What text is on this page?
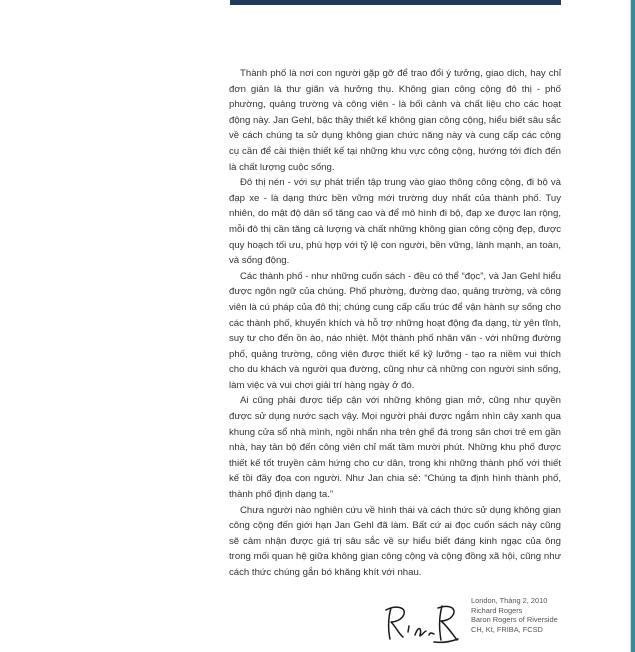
Thành phố là nơi con người gặp gỡ để trao đổi ý tưởng, giao dịch, hay chỉ đơn giản là thư giãn và hưởng thụ. Không gian công cộng đô thị - phố phường, quảng trường và công viên - là bối cảnh và chất liệu cho các hoạt động này. Jan Gehl, bậc thầy thiết kế không gian công cộng, hiểu biết sâu sắc về cách chúng ta sử dụng không gian chức năng này và cung cấp các công cụ cần để cải thiện thiết kế tại những khu vực công cộng, hướng tới đích đến là chất lượng cuộc sống.

Đô thị nén - với sự phát triển tập trung vào giao thông công cộng, đi bộ và đạp xe - là dạng thức bền vững mới trường duy nhất của thành phố. Tuy nhiên, do mật độ dân số tăng cao và để mô hình đi bộ, đạp xe được lan rộng, mỗi đô thị cần tăng cả lượng và chất những không gian công cộng đẹp, được quy hoạch tối ưu, phù hợp với tỷ lệ con người, bền vững, lành mạnh, an toàn, và sống động.

Các thành phố - như những cuốn sách - đều có thể “đọc”, và Jan Gehl hiểu được ngôn ngữ của chúng. Phố phường, đường dạo, quảng trường, và công viên là cú pháp của đô thị; chúng cung cấp cấu trúc để vận hành sự sống cho các thành phố, khuyến khích và hỗ trợ những hoạt động đa dạng, từ yên tĩnh, suy tư cho đến ồn ào, náo nhiệt. Một thành phố nhân văn - với những đường phố, quảng trường, công viên được thiết kế kỹ lưỡng - tạo ra niềm vui thích cho du khách và người qua đường, cũng như cả những con người sinh sống, làm việc và vui chơi giải trí hàng ngày ở đó.

Ai cũng phải được tiếp cận với những không gian mở, cũng như quyền được sử dụng nước sạch vậy. Mọi người phải được ngắm nhìn cây xanh qua khung cửa sổ nhà mình, ngồi nhẩn nha trên ghế đá trong sân chơi trẻ em gần nhà, hay tản bộ đến công viên chỉ mất tầm mười phút. Những khu phố được thiết kế tốt truyền cảm hứng cho cư dân, trong khi những thành phố với thiết kế tồi đầy đọa con người. Như Jan chia sẻ: “Chúng ta định hình thành phố, thành phố định dạng ta.”

Chưa người nào nghiên cứu về hình thái và cách thức sử dụng không gian công cộng đến giới hạn Jan Gehl đã làm. Bất cứ ai đọc cuốn sách này cũng sẽ cảm nhận được giá trị sâu sắc về sự hiểu biết đáng kinh ngạc của ông trong mối quan hệ giữa không gian công cộng và cộng đồng xã hội, cũng như cách thức chúng gắn bó khăng khít với nhau.

London, Tháng 2, 2010
Richard Rogers
Baron Rogers of Riverside
CH, Kt, FRIBA, FCSD
